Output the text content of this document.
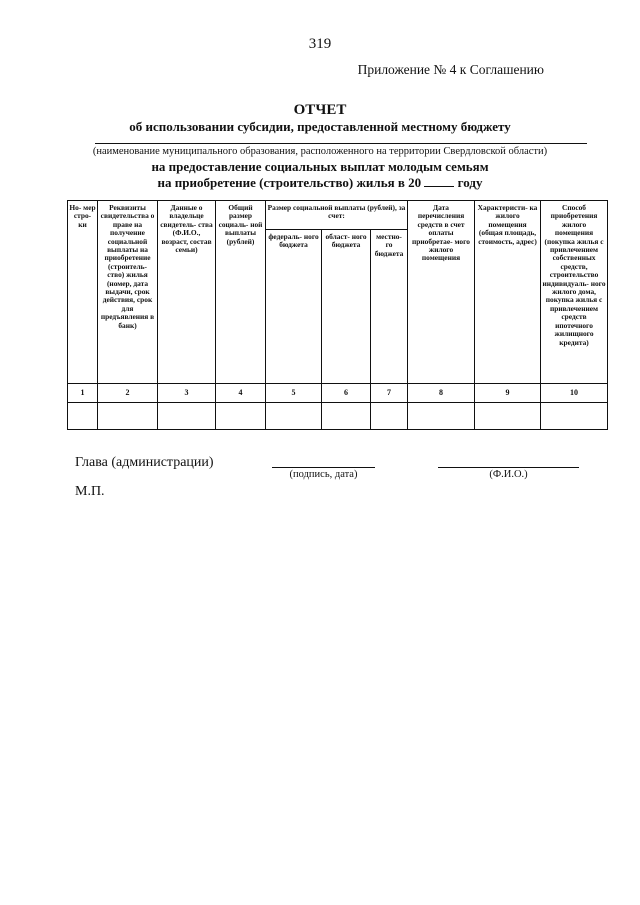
319
Приложение № 4 к Соглашению
ОТЧЕТ
об использовании субсидии, предоставленной местному бюджету
(наименование муниципального образования, расположенного на территории Свердловской области)
на предоставление социальных выплат молодым семьям
на приобретение (строительство) жилья в 20	году
Но- мер стро- ки	Реквизиты свидетельства о праве на получение социальной выплаты на приобретение (строитель- ство) жилья (номер, дата выдачи, срок действия, срок для предъявления в банк)	Данные о владельце свидетель- ства (Ф.И.О., возраст, состав семьи)	Общий размер социаль- ной выплаты (рублей)	Размер социальной выплаты (рублей), за счет:			Дата перечисления средств в счет оплаты приобретае- мого жилого помещения	Характеристи- ка жилого помещения (общая площадь, стоимость, адрес)	Способ приобретения жилого помещения (покупка жилья с привлечением собственных средств, строительство индивидуаль- ного жилого дома, покупка жилья с привлечением средств ипотечного жилищного кредита)
				федераль- ного бюджета	област- ного бюджета	местно- го бюджета			
1	2	3	4	5	6	7	8	9	10

Глава (администрации)
(подпись, дата)	(Ф.И.О.)
М.П.
